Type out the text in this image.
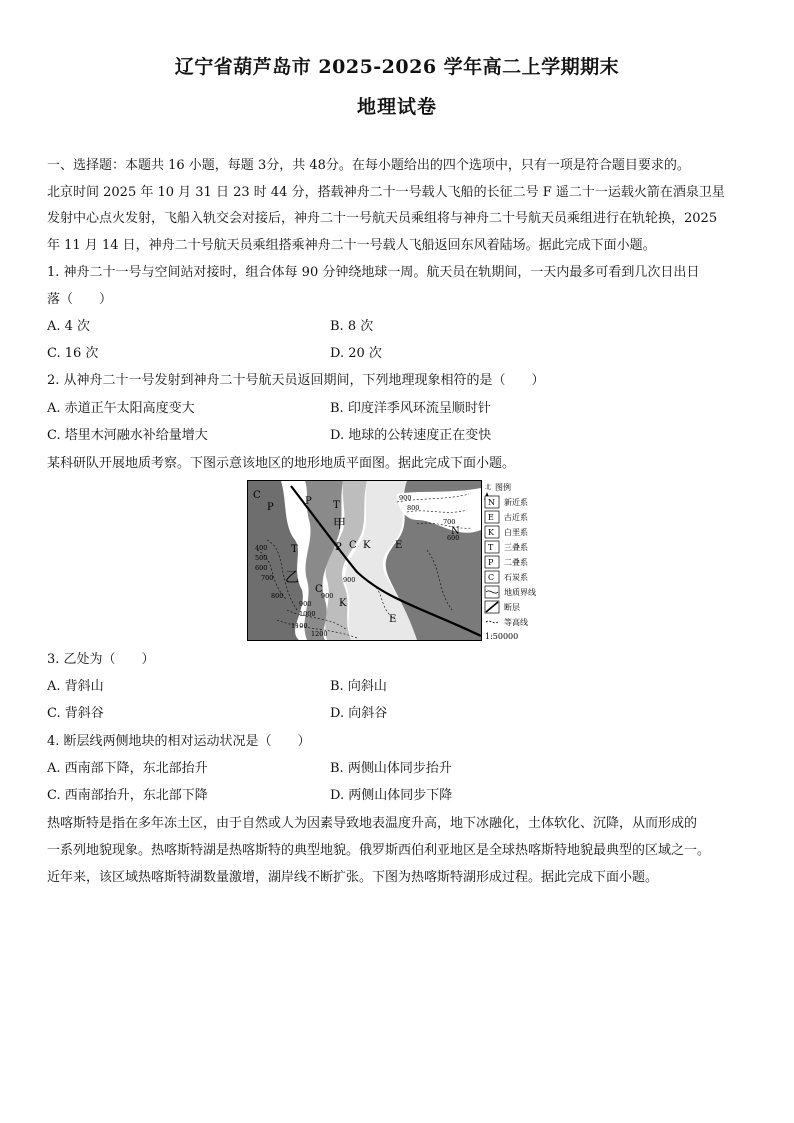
辽宁省葫芦岛市 2025-2026 学年高二上学期期末
地理试卷
一、选择题：本题共 16 小题，每题 3分，共 48分。在每小题给出的四个选项中，只有一项是符合题目要求的。
北京时间 2025 年 10 月 31 日 23 时 44 分，搭载神舟二十一号载人飞船的长征二号 F 遥二十一运载火箭在酒泉卫星
发射中心点火发射，飞船入轨交会对接后，神舟二十一号航天员乘组将与神舟二十号航天员乘组进行在轨轮换，2025
年 11 月 14 日，神舟二十号航天员乘组搭乘神舟二十一号载人飞船返回东风着陆场。据此完成下面小题。
1. 神舟二十一号与空间站对接时，组合体每 90 分钟绕地球一周。航天员在轨期间，一天内最多可看到几次日出日
落（　　）
A. 4 次	B. 8 次
C. 16 次	D. 20 次
2. 从神舟二十一号发射到神舟二十号航天员返回期间，下列地理现象相符的是（　　）
A. 赤道正午太阳高度变大	B. 印度洋季风环流呈顺时针
C. 塔里木河融水补给量增大	D. 地球的公转速度正在变快
某科研队开展地质考察。下图示意该地区的地形地质平面图。据此完成下面小题。
C
P
P T
甲
T	P C K E
乙
C
K
E
N
900
800
700
600
900
900
800
700
600
500
400
1000
1100
1200
900
北 图例
N 新近系
E 古近系
K 白垩系
T 三叠系
P 二叠系
C 石炭系
地质界线
断层
等高线
1:50000
3. 乙处为（　　）
A. 背斜山	B. 向斜山
C. 背斜谷	D. 向斜谷
4. 断层线两侧地块的相对运动状况是（　　）
A. 西南部下降，东北部抬升	B. 两侧山体同步抬升
C. 西南部抬升，东北部下降	D. 两侧山体同步下降
热喀斯特是指在多年冻土区，由于自然或人为因素导致地表温度升高，地下冰融化，土体软化、沉降，从而形成的
一系列地貌现象。热喀斯特湖是热喀斯特的典型地貌。俄罗斯西伯利亚地区是全球热喀斯特地貌最典型的区域之一。
近年来，该区域热喀斯特湖数量激增，湖岸线不断扩张。下图为热喀斯特湖形成过程。据此完成下面小题。
